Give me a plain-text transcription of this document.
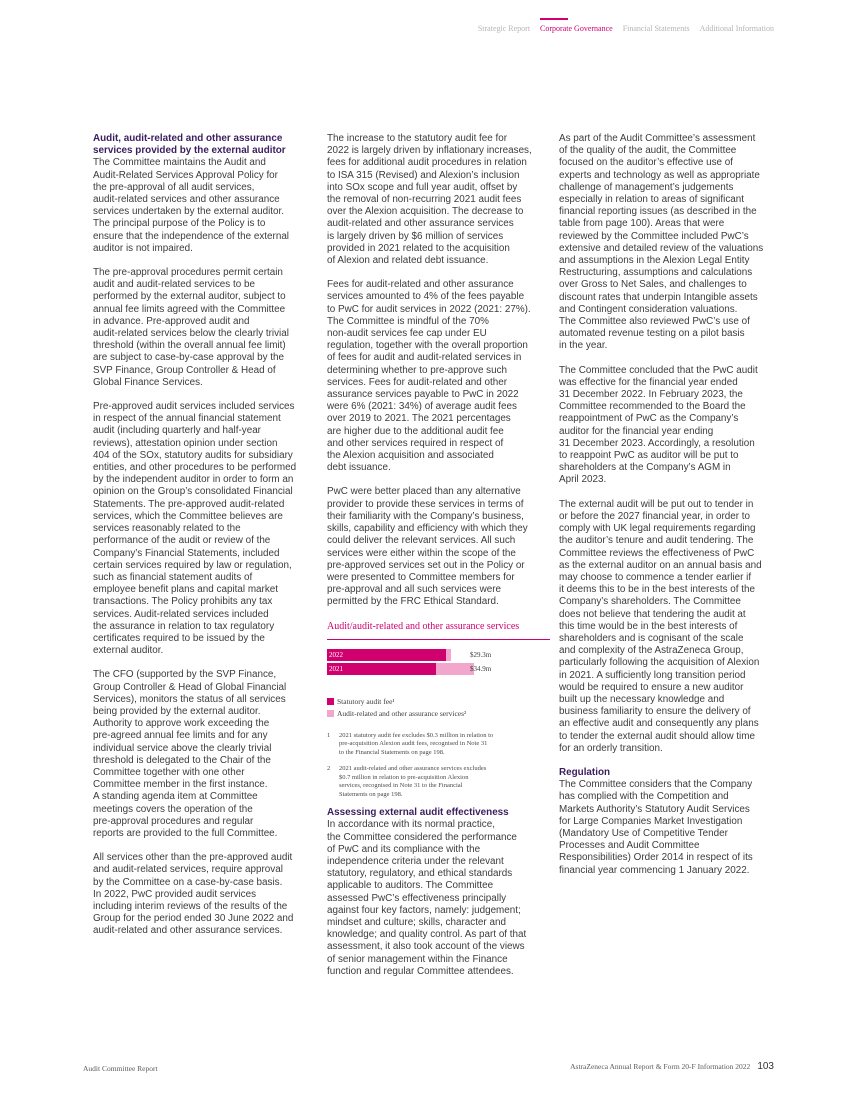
Strategic Report Corporate Governance Financial Statements Additional Information
Audit, audit-related and other assurance
services provided by the external auditor

The Committee maintains the Audit and
Audit-Related Services Approval Policy for
the pre-approval of all audit services,
audit-related services and other assurance
services undertaken by the external auditor.
The principal purpose of the Policy is to
ensure that the independence of the external
auditor is not impaired.

The pre-approval procedures permit certain
audit and audit-related services to be
performed by the external auditor, subject to
annual fee limits agreed with the Committee
in advance. Pre-approved audit and
audit-related services below the clearly trivial
threshold (within the overall annual fee limit)
are subject to case-by-case approval by the
SVP Finance, Group Controller & Head of
Global Finance Services.

Pre-approved audit services included services
in respect of the annual financial statement
audit (including quarterly and half-year
reviews), attestation opinion under section
404 of the SOx, statutory audits for subsidiary
entities, and other procedures to be performed
by the independent auditor in order to form an
opinion on the Group’s consolidated Financial
Statements. The pre-approved audit-related
services, which the Committee believes are
services reasonably related to the
performance of the audit or review of the
Company’s Financial Statements, included
certain services required by law or regulation,
such as financial statement audits of
employee benefit plans and capital market
transactions. The Policy prohibits any tax
services. Audit-related services included
the assurance in relation to tax regulatory
certificates required to be issued by the
external auditor.

The CFO (supported by the SVP Finance,
Group Controller & Head of Global Financial
Services), monitors the status of all services
being provided by the external auditor.
Authority to approve work exceeding the
pre-agreed annual fee limits and for any
individual service above the clearly trivial
threshold is delegated to the Chair of the
Committee together with one other
Committee member in the first instance.
A standing agenda item at Committee
meetings covers the operation of the
pre-approval procedures and regular
reports are provided to the full Committee.

All services other than the pre-approved audit
and audit-related services, require approval
by the Committee on a case-by-case basis.
In 2022, PwC provided audit services
including interim reviews of the results of the
Group for the period ended 30 June 2022 and
audit-related and other assurance services.

The increase to the statutory audit fee for
2022 is largely driven by inflationary increases,
fees for additional audit procedures in relation
to ISA 315 (Revised) and Alexion’s inclusion
into SOx scope and full year audit, offset by
the removal of non-recurring 2021 audit fees
over the Alexion acquisition. The decrease to
audit-related and other assurance services
is largely driven by $6 million of services
provided in 2021 related to the acquisition
of Alexion and related debt issuance.

Fees for audit-related and other assurance
services amounted to 4% of the fees payable
to PwC for audit services in 2022 (2021: 27%).
The Committee is mindful of the 70%
non-audit services fee cap under EU
regulation, together with the overall proportion
of fees for audit and audit-related services in
determining whether to pre-approve such
services. Fees for audit-related and other
assurance services payable to PwC in 2022
were 6% (2021: 34%) of average audit fees
over 2019 to 2021. The 2021 percentages
are higher due to the additional audit fee
and other services required in respect of
the Alexion acquisition and associated
debt issuance.

PwC were better placed than any alternative
provider to provide these services in terms of
their familiarity with the Company’s business,
skills, capability and efficiency with which they
could deliver the relevant services. All such
services were either within the scope of the
pre-approved services set out in the Policy or
were presented to Committee members for
pre-approval and all such services were
permitted by the FRC Ethical Standard.

Audit/audit-related and other assurance services
2022	$29.3m
2021	$34.9m
Statutory audit fee¹
Audit-related and other assurance services²
1	2021 statutory audit fee excludes $0.3 million in relation to
pre-acquisition Alexion audit fees, recognised in Note 31
to the Financial Statements on page 198.
2	2021 audit-related and other assurance services excludes
$0.7 million in relation to pre-acquisition Alexion
services, recognised in Note 31 to the Financial
Statements on page 198.
Assessing external audit effectiveness

In accordance with its normal practice,
the Committee considered the performance
of PwC and its compliance with the
independence criteria under the relevant
statutory, regulatory, and ethical standards
applicable to auditors. The Committee
assessed PwC’s effectiveness principally
against four key factors, namely: judgement;
mindset and culture; skills, character and
knowledge; and quality control. As part of that
assessment, it also took account of the views
of senior management within the Finance
function and regular Committee attendees.

As part of the Audit Committee’s assessment
of the quality of the audit, the Committee
focused on the auditor’s effective use of
experts and technology as well as appropriate
challenge of management’s judgements
especially in relation to areas of significant
financial reporting issues (as described in the
table from page 100). Areas that were
reviewed by the Committee included PwC’s
extensive and detailed review of the valuations
and assumptions in the Alexion Legal Entity
Restructuring, assumptions and calculations
over Gross to Net Sales, and challenges to
discount rates that underpin Intangible assets
and Contingent consideration valuations.
The Committee also reviewed PwC’s use of
automated revenue testing on a pilot basis
in the year.

The Committee concluded that the PwC audit
was effective for the financial year ended
31 December 2022. In February 2023, the
Committee recommended to the Board the
reappointment of PwC as the Company’s
auditor for the financial year ending
31 December 2023. Accordingly, a resolution
to reappoint PwC as auditor will be put to
shareholders at the Company’s AGM in
April 2023.

The external audit will be put out to tender in
or before the 2027 financial year, in order to
comply with UK legal requirements regarding
the auditor’s tenure and audit tendering. The
Committee reviews the effectiveness of PwC
as the external auditor on an annual basis and
may choose to commence a tender earlier if
it deems this to be in the best interests of the
Company’s shareholders. The Committee
does not believe that tendering the audit at
this time would be in the best interests of
shareholders and is cognisant of the scale
and complexity of the AstraZeneca Group,
particularly following the acquisition of Alexion
in 2021. A sufficiently long transition period
would be required to ensure a new auditor
built up the necessary knowledge and
business familiarity to ensure the delivery of
an effective audit and consequently any plans
to tender the external audit should allow time
for an orderly transition.

Regulation

The Committee considers that the Company
has complied with the Competition and
Markets Authority’s Statutory Audit Services
for Large Companies Market Investigation
(Mandatory Use of Competitive Tender
Processes and Audit Committee
Responsibilities) Order 2014 in respect of its
financial year commencing 1 January 2022.

Audit Committee Report	AstraZeneca Annual Report & Form 20-F Information 2022 103
